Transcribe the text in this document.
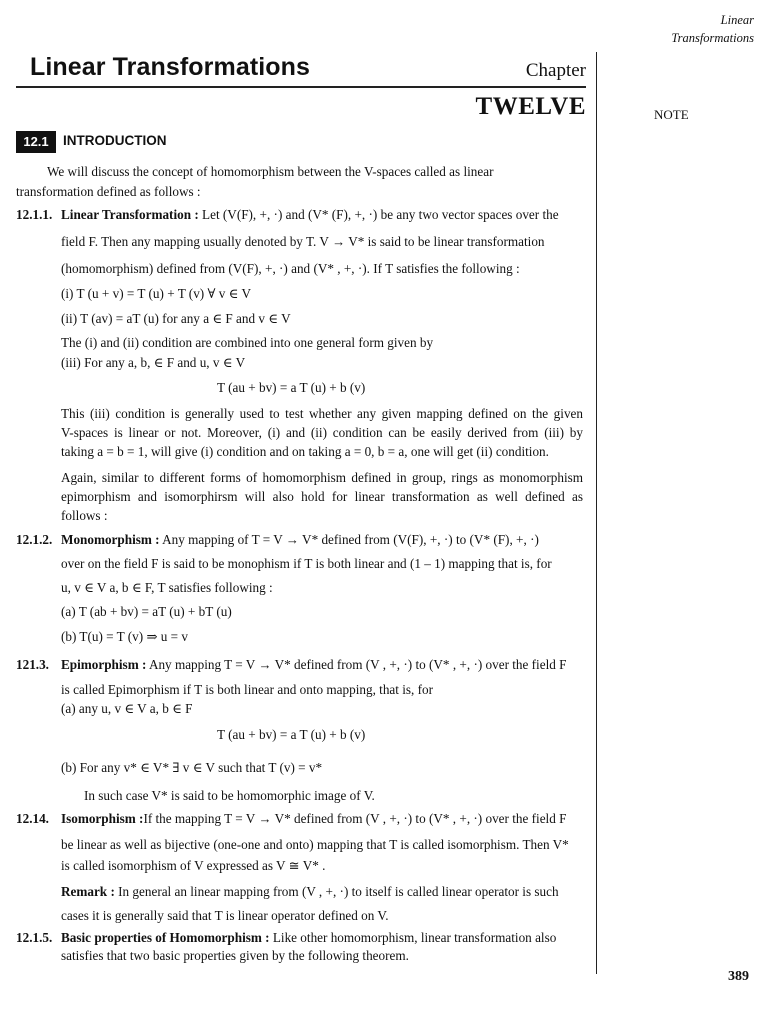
Linear
Transformations
Linear Transformations	Chapter
TWELVE	NOTE
12.1	INTRODUCTION
We will discuss the concept of homomorphism between the V-spaces called as linear
transformation defined as follows :
12.1.1. Linear Transformation : Let (V(F), +, ·) and (V* (F), +, ·) be any two vector spaces over the
field F. Then any mapping usually denoted by T. V → V* is said to be linear transformation
(homomorphism) defined from (V(F), +, ·) and (V* , +, ·). If T satisfies the following :
(i) T (u + v) = T (u) + T (v) ∀ v ∈ V
(ii) T (av) = aT (u) for any a ∈ F and v ∈ V
The (i) and (ii) condition are combined into one general form given by
(iii) For any a, b, ∈ F and u, v ∈ V
T (au + bv) = a T (u) + b (v)
This (iii) condition is generally used to test whether any given mapping defined on the given
V-spaces is linear or not. Moreover, (i) and (ii) condition can be easily derived from (iii) by
taking a = b = 1, will give (i) condition and on taking a = 0, b = a, one will get (ii) condition.
Again, similar to different forms of homomorphism defined in group, rings as monomorphism
epimorphism and isomorphirsm will also hold for linear transformation as well defined as
follows :
12.1.2. Monomorphism : Any mapping of T = V → V* defined from (V(F), +, ·) to (V* (F), +, ·)
over on the field F is said to be monophism if T is both linear and (1 – 1) mapping that is, for
u, v ∈ V a, b ∈ F, T satisfies following :
(a) T (ab + bv) = aT (u) + bT (u)
(b) T(u) = T (v) ⇒ u = v
121.3. Epimorphism : Any mapping T = V → V* defined from (V , +, ·) to (V* , +, ·) over the field F
is called Epimorphism if T is both linear and onto mapping, that is, for
(a) any u, v ∈ V a, b ∈ F
T (au + bv) = a T (u) + b (v)
(b) For any v* ∈ V* ∃ v ∈ V such that T (v) = v*
In such case V* is said to be homomorphic image of V.
12.14. Isomorphism :If the mapping T = V → V* defined from (V , +, ·) to (V* , +, ·) over the field F
be linear as well as bijective (one-one and onto) mapping that T is called isomorphism. Then V*
is called isomorphism of V expressed as V ≅ V* .
Remark : In general an linear mapping from (V , +, ·) to itself is called linear operator is such
cases it is generally said that T is linear operator defined on V.
12.1.5. Basic properties of Homomorphism : Like other homomorphism, linear transformation also
satisfies that two basic properties given by the following theorem.
389
